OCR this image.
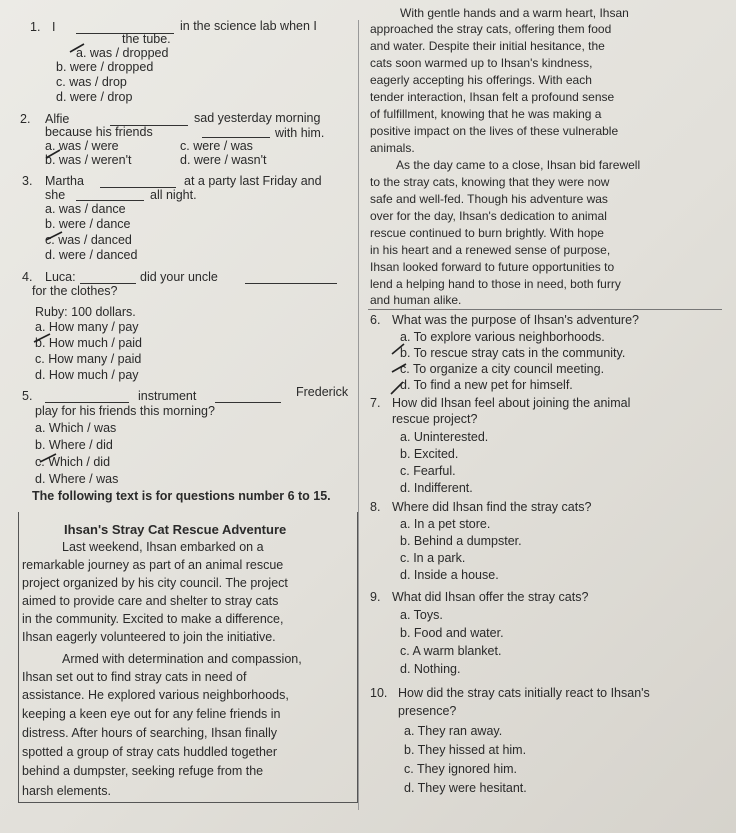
1. I	in the science lab when I
the tube.
a. was / dropped
b. were / dropped
c. was / drop
d. were / drop
2. Alfie	sad yesterday morning
because his friends	with him.
a. was / were
b. was / weren't
c. were / was
d. were / wasn't
3. Martha	at a party last Friday and
she	all night.
a. was / dance
b. were / dance
c. was / danced
d. were / danced
4. Luca:	did your uncle
for the clothes?
Ruby: 100 dollars.
a. How many / pay
b. How much / paid
c. How many / paid
d. How much / pay
5.	instrument	Frederick
play for his friends this morning?
a. Which / was
b. Where / did
c. Which / did
d. Where / was
The following text is for questions number 6 to 15.
Ihsan's Stray Cat Rescue Adventure
Last weekend, Ihsan embarked on a
remarkable journey as part of an animal rescue
project organized by his city council. The project
aimed to provide care and shelter to stray cats
in the community. Excited to make a difference,
Ihsan eagerly volunteered to join the initiative.
Armed with determination and compassion,
Ihsan set out to find stray cats in need of
assistance. He explored various neighborhoods,
keeping a keen eye out for any feline friends in
distress. After hours of searching, Ihsan finally
spotted a group of stray cats huddled together
behind a dumpster, seeking refuge from the
harsh elements.
With gentle hands and a warm heart, Ihsan
approached the stray cats, offering them food
and water. Despite their initial hesitance, the
cats soon warmed up to Ihsan's kindness,
eagerly accepting his offerings. With each
tender interaction, Ihsan felt a profound sense
of fulfillment, knowing that he was making a
positive impact on the lives of these vulnerable
animals.
As the day came to a close, Ihsan bid farewell
to the stray cats, knowing that they were now
safe and well-fed. Though his adventure was
over for the day, Ihsan's dedication to animal
rescue continued to burn brightly. With hope
in his heart and a renewed sense of purpose,
Ihsan looked forward to future opportunities to
lend a helping hand to those in need, both furry
and human alike.
6. What was the purpose of Ihsan's adventure?
a. To explore various neighborhoods.
b. To rescue stray cats in the community.
c. To organize a city council meeting.
d. To find a new pet for himself.
7. How did Ihsan feel about joining the animal
rescue project?
a. Uninterested.
b. Excited.
c. Fearful.
d. Indifferent.
8. Where did Ihsan find the stray cats?
a. In a pet store.
b. Behind a dumpster.
c. In a park.
d. Inside a house.
9. What did Ihsan offer the stray cats?
a. Toys.
b. Food and water.
c. A warm blanket.
d. Nothing.
10. How did the stray cats initially react to Ihsan's
presence?
a. They ran away.
b. They hissed at him.
c. They ignored him.
d. They were hesitant.
